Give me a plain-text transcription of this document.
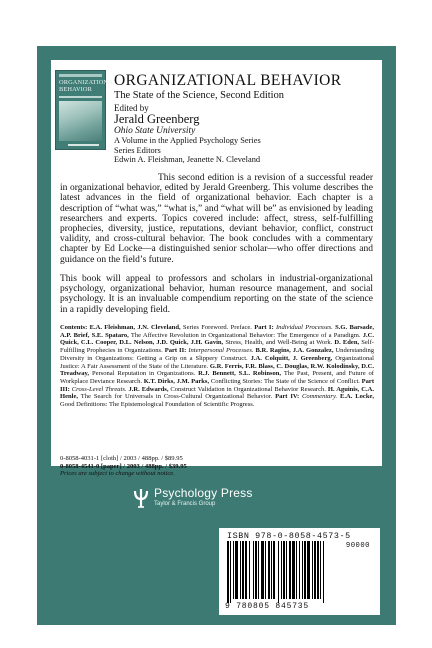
ORGANIZATIONAL BEHAVIOR
ORGANIZATIONAL BEHAVIOR
The State of the Science, Second Edition
Edited by
Jerald Greenberg
Ohio State University
A Volume in the Applied Psychology Series
Series Editors
Edwin A. Fleishman, Jeanette N. Cleveland

This second edition is a revision of a successful reader in organizational behavior, edited by Jerald Greenberg. This volume describes the latest advances in the field of organizational behavior. Each chapter is a description of “what was,” “what is,” and “what will be” as envisioned by leading researchers and experts. Topics covered include: affect, stress, self-fulfilling prophecies, diversity, justice, reputations, deviant behavior, conflict, construct validity, and cross-cultural behavior. The book concludes with a commentary chapter by Ed Locke—a distinguished senior scholar—who offer directions and guidance on the field’s future.

This book will appeal to professors and scholars in industrial-organizational psychology, organizational behavior, human resource management, and social psychology. It is an invaluable compendium reporting on the state of the science in a rapidly developing field.

Contents: E.A. Fleishman, J.N. Cleveland, Series Foreword. Preface. Part I: Individual Processes. S.G. Barsade, A.P. Brief, S.E. Spataro, The Affective Revolution in Organizational Behavior: The Emergence of a Paradigm. J.C. Quick, C.L. Cooper, D.L. Nelson, J.D. Quick, J.H. Gavin, Stress, Health, and Well-Being at Work. D. Eden, Self-Fulfilling Prophecies in Organizations. Part II: Interpersonal Processes. B.R. Ragins, J.A. Gonzalez, Understanding Diversity in Organizations: Getting a Grip on a Slippery Construct. J.A. Colquitt, J. Greenberg, Organizational Justice: A Fair Assessment of the State of the Literature. G.R. Ferris, F.R. Blass, C. Douglas, R.W. Kolodinsky, D.C. Treadway, Personal Reputation in Organizations. R.J. Bennett, S.L. Robinson, The Past, Present, and Future of Workplace Deviance Research. K.T. Dirks, J.M. Parks, Conflicting Stories: The State of the Science of Conflict. Part III: Cross-Level Threats. J.R. Edwards, Construct Validation in Organizational Behavior Research. H. Aguinis, C.A. Henle, The Search for Universals in Cross-Cultural Organizational Behavior. Part IV: Commentary. E.A. Locke, Good Definitions: The Epistemological Foundation of Scientific Progress.

0-8058-4031-1 [cloth] / 2003 / 488pp. / $89.95
0-8058-4541-0 [paper] / 2003 / 488pp. / $39.95
Prices are subject to change without notice.
Psychology Press
Taylor & Francis Group
ISBN 978-0-8058-4573-5
90000
9 780805 845735
